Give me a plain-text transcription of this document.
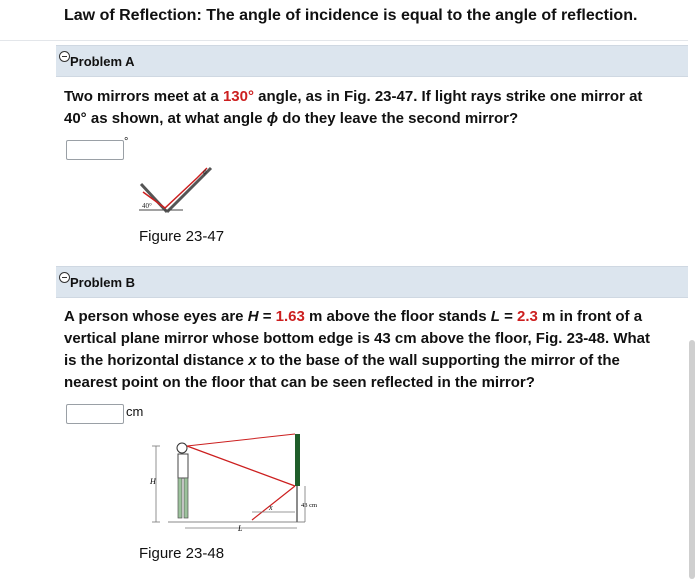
Law of Reflection: The angle of incidence is equal to the angle of reflection.
Problem A
Two mirrors meet at a 130° angle, as in Fig. 23-47. If light rays strike one mirror at
40° as shown, at what angle ϕ do they leave the second mirror?
°
40°
ϕ
Figure 23-47
Problem B
A person whose eyes are H = 1.63 m above the floor stands L = 2.3 m in front of a
vertical plane mirror whose bottom edge is 43 cm above the floor, Fig. 23-48. What
is the horizontal distance x to the base of the wall supporting the mirror of the
nearest point on the floor that can be seen reflected in the mirror?
cm
H
x
L
43 cm
Figure 23-48
